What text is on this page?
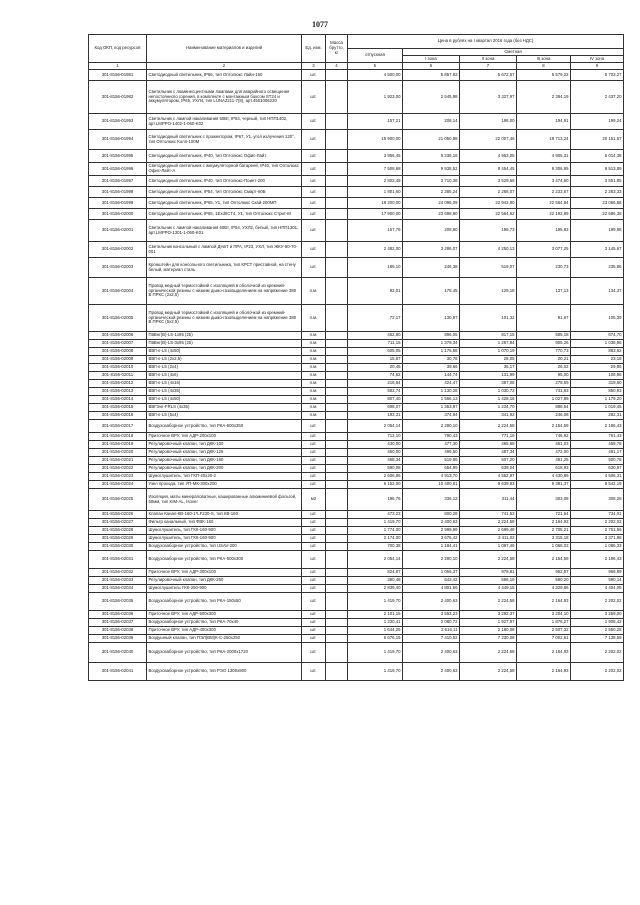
1077
Код ОКП, код ресурсов	Наименование материалов и изделий	Ед. изм.	Масса брутто, кг	Цена в рублях на I квартал 2016 года (без НДС)				
				отпускная	Сметная			
					I зона	II зона	III зона	IV зона
1	2	3	4	5	6	7	8	9
301-8156-01981	Светодиодный светильник, IP66, тип Оптолюкс Лайн-150	шт.		4 500,00	5 857,82	5 672,67	5 579,22	5 703,27
301-8156-01982	Светильник с люминесцентными лампами для аварийного освещения непостоянного горения, в комплекте с монтажным боксом ST24 и аккумулятором, IP65, УХЛ4, тип LUNA2211-7(8), арт.4501006220	шт.		1 923,00	2 545,98	3 327,97	2 384,19	2 437,20
301-8156-01993	Светильник с лампой накаливания 60Вт, IP54, черный, тип НПП1402, арт.LMPPO-1402-1-060-K02	шт.		157,21	208,14	198,00	194,91	199,24
301-8156-01994	Светодиодный светильник с прожектором, IP67, У1, угол излучения 120°, тип Оптолюкс Колл-100М	шт.		15 900,00	21 050,98	22 007,46	19 713,24	20 151,57
301-8156-01995	Светодиодный светильник, IP40, тип Оптолюкс Офис-Лайт	шт.		3 956,45	5 238,18	4 953,05	4 905,31	5 014,38
301-8156-01996	Светодиодный светильник с аккумуляторной батареей, IP40, тип Оптолюкс Офис-Лайт-А	шт.		7 508,68	9 938,52	9 454,45	9 306,95	9 513,89
301-8156-01997	Светодиодный светильник, IP40, тип Оптолюкс-Поинт-200	шт.		2 802,49	3 710,38	3 529,66	3 474,60	3 551,85
301-8156-01998	Светодиодный светильник, IP54, тип Оптолюкс Смарт-60Б	шт.		1 801,60	2 385,24	2 268,07	2 233,67	2 283,33
301-8156-01999	Светодиодный светильник, IP65, У1, тип Оптолюкс Скай-200МП	шт.		18 200,00	24 096,09	22 942,80	22 564,84	23 066,58
301-8156-02000	Светодиодный светильник, IP65, 1ExdIICT4, У1, тип Оптолюкс Стрит-М	шт.		17 900,00	23 698,90	22 564,62	22 192,89	22 686,38
301-8156-02001	Светильник с лампой накаливания 60Вт, IP54, УХЛ2, белый, тип НПП1301, арт.LMPPO-1301-1-060-K01	шт.		157,79	208,90	198,73	195,83	199,98
301-8156-02002	Светильник консольный с лампой ДНаТ и ПРА, IP23, УХЛ, тип ЖКУ-50-70-001	шт.		2 482,00	3 286,07	4 250,13	3 077,25	3 145,67
301-8156-02003	Кронштейн для консольного светильника, тип КРСТ приставной, на стену белый, материал сталь	шт.		186,10	246,38	519,07	230,73	235,86
301-8156-02004	Провод медный термостойкий с изоляцией в оболочкой из кремний-органической резины с низким дымо-газовыделением на напряжение 380 В ПРКС (2х2,5)	п.м.		92,01	178,45	129,18	137,13	134,37
301-8156-02005	Провод медный термостойкий с изоляцией и оболочкой из кремний-органической резины с низким дымо-газовыделением на напряжение 380 В ПРКС (5х2,5)	п.м.		72,17	130,97	101,32	91,67	105,39
301-8156-02006	ПвВнг(В)-LS-1х95 (25)	п.м.		462,80	896,05	817,15	585,18	674,70
301-8156-02007	ПвВнг(В)-LS-3х95 (25)	п.м.		711,15	1 378,34	1 257,84	905,26	1 038,96
301-8156-02008	ВВГнг-LS (4х50)	п.м.		605,05	1 175,58	1 070,19	770,73	883,62
301-8156-02009	ВВГнг-LS (2х2,5)	п.м.		15,87	30,78	28,05	20,21	23,18
301-8156-02010	ВВГнг-LS (2х4)	п.м.		20,45	39,66	36,17	26,02	29,86
301-8156-02011	ВВГнг-LS (4х6)	п.м.		74,62	144,74	131,99	95,00	108,96
301-8156-02012	ВВГнг-LS (4х16)	п.м.		218,84	424,47	387,08	278,59	319,60
301-8156-02013	ВВГнг-LS (4х35)	п.м.		582,74	1 130,28	1 030,72	741,83	850,93
301-8156-02014	ВВГнг-LS (4х50)	п.м.		807,40	1 566,13	1 428,16	1 027,89	1 179,20
301-8156-02015	ВВГЭнг-FRLS (4х35)	п.м.		698,07	1 353,97	1 234,70	888,64	1 019,45
301-8156-02016	ВВГнг-LS (5х4)	п.м.		193,31	374,94	341,92	246,08	282,31
301-8156-02017	Воздухозаборное устройство, тип РКА-600х350	шт.		2 054,14	2 280,10	2 224,58	2 154,59	2 196,43
301-8156-02018	Приточное ВРУ, тип АДР-200х100	шт.		712,10	790,43	771,19	746,92	761,43
301-8156-02019	Регулировочный клапан, тип ДКК-100	шт.		430,00	477,30	465,68	451,03	459,78
301-8156-02020	Регулировочный клапан, тип ДКК-125	шт.		450,00	499,50	487,34	472,00	481,17
301-8156-02021	Регулировочный клапан, тип ДКК-160	шт.		468,34	519,86	507,20	491,25	500,78
301-8156-02022	Регулировочный клапан, тип ДКК-200	шт.		590,08	654,99	639,04	618,93	630,97
301-8156-02023	Шумоглушитель, тип ГКП-40х20-2	шт.		2 606,85	4 913,70	4 552,97	4 430,89	4 506,31
301-8156-02024	Узел прохода, тип УП-МК-300х200	шт.		6 152,00	10 400,61	9 639,83	9 381,37	9 542,19
301-8156-02025	Изоляция, маты минераловатные, кашированные алюминиевой фольгой, 50мм, тип KIM-AL, Isover	м2		196,76	336,12	311,44	303,08	308,28
301-8156-02026	Клапан Канал-КВ-160-1*LF230-S, тип КВ-160	шт.		473,23	800,28	741,53	721,64	734,01
301-8156-02027	Фильтр канальный, тип ФВК-160	шт.		1 419,70	2 400,63	2 224,58	2 164,93	2 202,02
301-8156-02028	Шумоглушитель, тип ГКК-160-900	шт.		1 774,00	2 999,99	2 699,48	2 705,21	2 751,56
301-8156-02029	Шумоглушитель, тип ГКК-160-900	шт.		2 174,00	3 676,42	3 411,02	3 315,18	3 371,98
301-8156-02030	Воздухозаборное устройство, тип USAV-200	шт.		700,38	1 184,41	1 097,46	1 068,03	1 086,33
301-8156-02031	Воздухозаборное устройство, тип РКА-500х300	шт.		2 054,14	2 280,10	2 224,58	2 154,59	2 196,43
301-8156-02032	Приточное ВРУ, тип АДР-300х100	шт.		824,87	1 056,37	978,81	952,57	968,89
301-8156-02033	Регулировочный клапан, тип ДКК-250	шт.		380,48	643,42	596,19	580,20	590,14
301-8156-02034	Шумоглушитель ГКК-250-900	шт.		2 839,40	4 801,66	4 449,15	4 329,86	4 404,05
301-8156-02035	Воздухозаборное устройство, тип РКА-150х50	шт.		1 419,70	2 400,63	2 224,58	2 164,93	2 202,02
301-8156-02036	Приточное ВРУ, тип АДР-500х300	шт.		2 101,15	3 553,23	3 292,37	3 204,10	3 259,00
301-8156-02037	Воздухозаборное устройство, тип РКА-70х40	шт.		1 230,41	2 080,72	1 927,97	1 876,27	1 908,42
301-8156-02038	Приточное ВРУ, тип АДР-400х300	шт.		1 644,25	2 616,11	2 180,08	2 507,32	2 550,28
301-8156-02039	Воздушный клапан, тип ПЭЛ(ВМ)К-С-250х250	шт.		6 676,15	7 410,52	7 230,08	7 002,61	7 138,58
301-8156-02040	Воздухозаборное устройство, тип РКА-2000х1720	шт.		1 419,70	2 400,63	2 224,58	2 164,93	2 202,02
301-8156-02041	Воздухозаборное устройство, тип РЭО 1300х800	шт.		1 419,70	2 400,63	2 224,58	2 164,93	2 202,02
